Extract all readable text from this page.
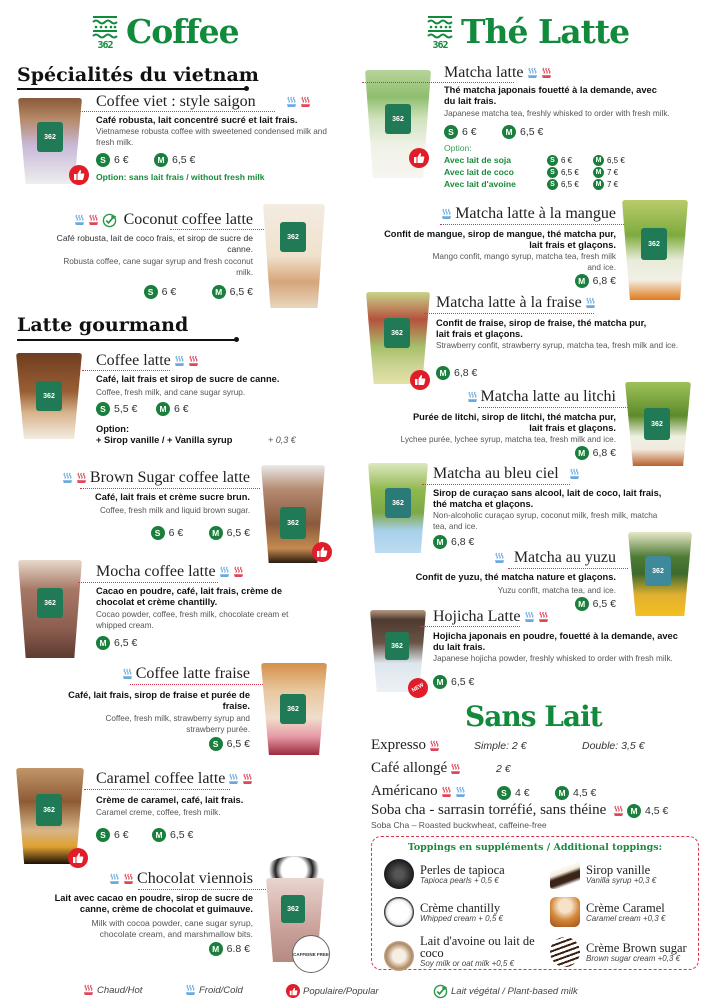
Coffee
Spécialités du vietnam
362
Coffee viet : style saigon
Café robusta, lait concentré sucré et lait frais.
Vietnamese robusta coffee with sweetened condensed milk and fresh milk.
S 6 €	M 6,5 €
Option: sans lait frais / without fresh milk
Coconut coffee latte
Café robusta, lait de coco frais, et sirop de sucre de canne.
Robusta coffee, cane sugar syrup and fresh coconut milk.
S 6 €	M 6,5 €
362
Latte gourmand
362
Coffee latte
Café, lait frais et sirop de sucre de canne.
Coffee, fresh milk, and cane sugar syrup.
S 5,5 €	M 6 €
Option:
+ Sirop vanille / + Vanilla syrup	+ 0,3 €
Brown Sugar coffee latte
Café, lait frais et crème sucre brun.
Coffee, fresh milk and liquid brown sugar.
S 6 €	M 6,5 €
362
362
Mocha coffee latte
Cacao en poudre, café, lait frais, crème de chocolat et crème chantilly.
Cocao powder, coffee, fresh milk, chocolate cream et whipped cream.
M 6,5 €
Coffee latte fraise
Café, lait frais, sirop de fraise et purée de fraise.
Coffee, fresh milk, strawberry syrup and strawberry purée.
S 6,5 €
362
362
Caramel coffee latte
Crème de caramel, café, lait frais.
Caramel creme, coffee, fresh milk.
S 6 €	M 6,5 €
Chocolat viennois
Lait avec cacao en poudre, sirop de sucre de canne, crème de chocolat et guimauve.
Milk with cocoa powder, cane sugar syrup, chocolate cream, and marshmallow bits.
M 6.8 €
362
CAFFEINE FREE
Thé Latte
362
Matcha latte
Thé matcha japonais fouetté à la demande, avec du lait frais.
Japanese matcha tea, freshly whisked to order with fresh milk.
S 6 €	M 6,5 €
Option:
Avec lait de soja	S 6 €	M 6,5 €
Avec lait de coco	S 6,5 €	M 7 €
Avec lait d'avoine	S 6,5 €	M 7 €
Matcha latte à la mangue
Confit de mangue, sirop de mangue, thé matcha pur, lait frais et glaçons.
Mango confit, mango syrup, matcha tea, fresh milk and ice.
M 6,8 €
362
362
Matcha latte à la fraise
Confit de fraise, sirop de fraise, thé matcha pur, lait frais et glaçons.
Strawberry confit, strawberry syrup, matcha tea, fresh milk and ice.
M 6,8 €
Matcha latte au litchi
Purée de litchi, sirop de litchi, thé matcha pur, lait frais et glaçons.
Lychee purée, lychee syrup, matcha tea, fresh milk and ice.
M 6,8 €
362
362
Matcha au bleu ciel
Sirop de curaçao sans alcool, lait de coco, lait frais, thé matcha et glaçons.
Non-alcoholic curaçao syrup, coconut milk, fresh milk, matcha tea, and ice.
M 6,8 €
Matcha au yuzu
Confit de yuzu, thé matcha nature et glaçons.
Yuzu confit, matcha tea, and ice.
M 6,5 €
362
362
NEW
Hojicha Latte
Hojicha japonais en poudre, fouetté à la demande, avec du lait frais.
Japanese hojicha powder, freshly whisked to order with fresh milk.
M 6,5 €
Sans Lait
Expresso	Simple: 2 €	Double: 3,5 €
Café allongé	2 €
Américano	S 4 €	M 4,5 €
Soba cha - sarrasin torréfié, sans théine	M 4,5 €
Soba Cha – Roasted buckwheat, caffeine-free
Toppings en suppléments / Additional toppings:
Perles de tapioca
Tapioca pearls + 0,5 €
Sirop vanille
Vanilla syrup +0,3 €
Crème chantilly
Whipped cream + 0,5 €
Crème Caramel
Caramel cream +0,3 €
Lait d'avoine ou lait de coco
Soy milk or oat milk +0,5 €
Crème Brown sugar
Brown sugar cream +0,3 €
Chaud/Hot	Froid/Cold	Populaire/Popular	Lait végétal / Plant-based milk
